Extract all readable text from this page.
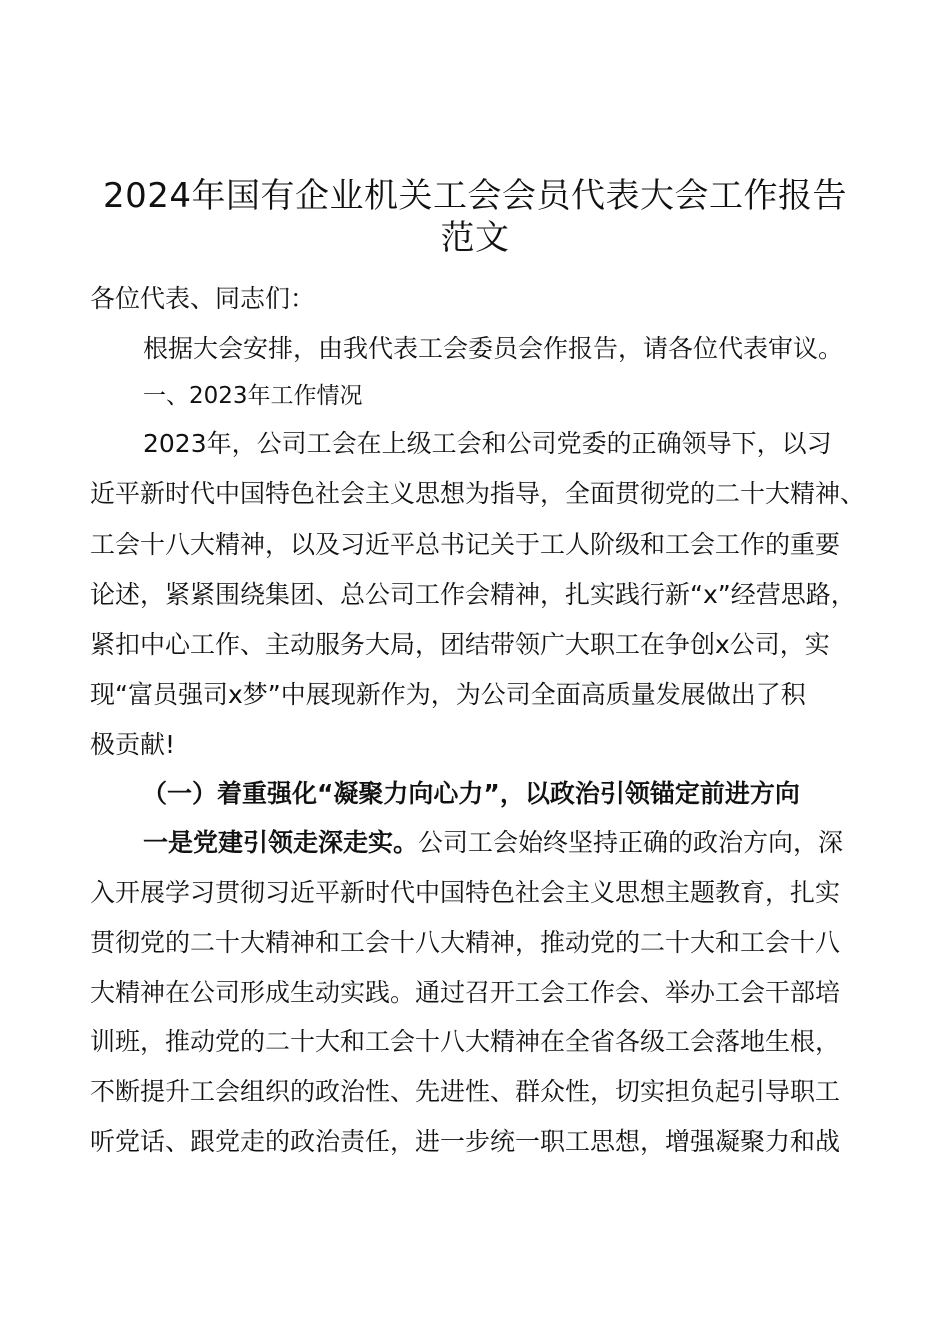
2024年国有企业机关工会会员代表大会工作报告
范文

各位代表、同志们：

根据大会安排，由我代表工会委员会作报告，请各位代表审议。

一、2023年工作情况

2023年，公司工会在上级工会和公司党委的正确领导下，以习

近平新时代中国特色社会主义思想为指导，全面贯彻党的二十大精神、

工会十八大精神，以及习近平总书记关于工人阶级和工会工作的重要

论述，紧紧围绕集团、总公司工作会精神，扎实践行新“x”经营思路，

紧扣中心工作、主动服务大局，团结带领广大职工在争创x公司，实

现“富员强司x梦”中展现新作为，为公司全面高质量发展做出了积

极贡献!

（一）着重强化“凝聚力向心力”，以政治引领锚定前进方向

一是党建引领走深走实。公司工会始终坚持正确的政治方向，深

入开展学习贯彻习近平新时代中国特色社会主义思想主题教育，扎实

贯彻党的二十大精神和工会十八大精神，推动党的二十大和工会十八

大精神在公司形成生动实践。通过召开工会工作会、举办工会干部培

训班，推动党的二十大和工会十八大精神在全省各级工会落地生根，

不断提升工会组织的政治性、先进性、群众性，切实担负起引导职工

听党话、跟党走的政治责任，进一步统一职工思想，增强凝聚力和战
